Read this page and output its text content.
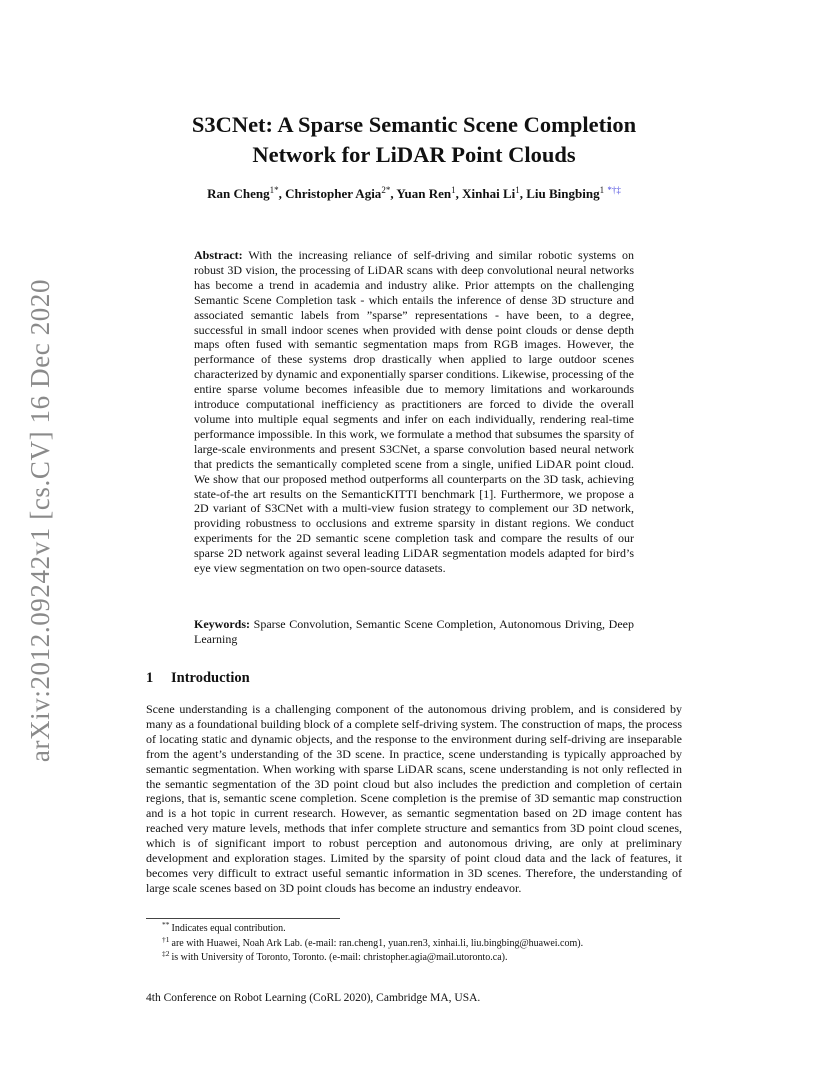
arXiv:2012.09242v1 [cs.CV] 16 Dec 2020
S3CNet: A Sparse Semantic Scene Completion
Network for LiDAR Point Clouds
Ran Cheng$^{1*}$, Christopher Agia$^{2*}$, Yuan Ren$^1$, Xinhai Li$^1$, Liu Bingbing$^1$ *†‡

Abstract: With the increasing reliance of self-driving and similar robotic systems on robust 3D vision, the processing of LiDAR scans with deep convolutional neural networks has become a trend in academia and industry alike. Prior attempts on the challenging Semantic Scene Completion task - which entails the inference of dense 3D structure and associated semantic labels from ”sparse” representations - have been, to a degree, successful in small indoor scenes when provided with dense point clouds or dense depth maps often fused with semantic segmentation maps from RGB images. However, the performance of these systems drop drastically when applied to large outdoor scenes characterized by dynamic and exponentially sparser conditions. Likewise, processing of the entire sparse volume becomes infeasible due to memory limitations and workarounds introduce computational inefficiency as practitioners are forced to divide the overall volume into multiple equal segments and infer on each individually, rendering real-time performance impossible. In this work, we formulate a method that subsumes the sparsity of large-scale environments and present S3CNet, a sparse convolution based neural network that predicts the semantically completed scene from a single, unified LiDAR point cloud. We show that our proposed method outperforms all counterparts on the 3D task, achieving state-of-the art results on the SemanticKITTI benchmark [1]. Furthermore, we propose a 2D variant of S3CNet with a multi-view fusion strategy to complement our 3D network, providing robustness to occlusions and extreme sparsity in distant regions. We conduct experiments for the 2D semantic scene completion task and compare the results of our sparse 2D network against several leading LiDAR segmentation models adapted for bird’s eye view segmentation on two open-source datasets.

Keywords: Sparse Convolution, Semantic Scene Completion, Autonomous Driving, Deep Learning

1 Introduction

Scene understanding is a challenging component of the autonomous driving problem, and is considered by many as a foundational building block of a complete self-driving system. The construction of maps, the process of locating static and dynamic objects, and the response to the environment during self-driving are inseparable from the agent’s understanding of the 3D scene. In practice, scene understanding is typically approached by semantic segmentation. When working with sparse LiDAR scans, scene understanding is not only reflected in the semantic segmentation of the 3D point cloud but also includes the prediction and completion of certain regions, that is, semantic scene completion. Scene completion is the premise of 3D semantic map construction and is a hot topic in current research. However, as semantic segmentation based on 2D image content has reached very mature levels, methods that infer complete structure and semantics from 3D point cloud scenes, which is of significant import to robust perception and autonomous driving, are only at preliminary development and exploration stages. Limited by the sparsity of point cloud data and the lack of features, it becomes very difficult to extract useful semantic information in 3D scenes. Therefore, the understanding of large scale scenes based on 3D point clouds has become an industry endeavor.

** Indicates equal contribution.

$^{\dagger 1}$ are with Huawei, Noah Ark Lab. (e-mail: ran.cheng1, yuan.ren3, xinhai.li, liu.bingbing@huawei.com).

$^{\ddagger 2}$ is with University of Toronto, Toronto. (e-mail: christopher.agia@mail.utoronto.ca).

4th Conference on Robot Learning (CoRL 2020), Cambridge MA, USA.
